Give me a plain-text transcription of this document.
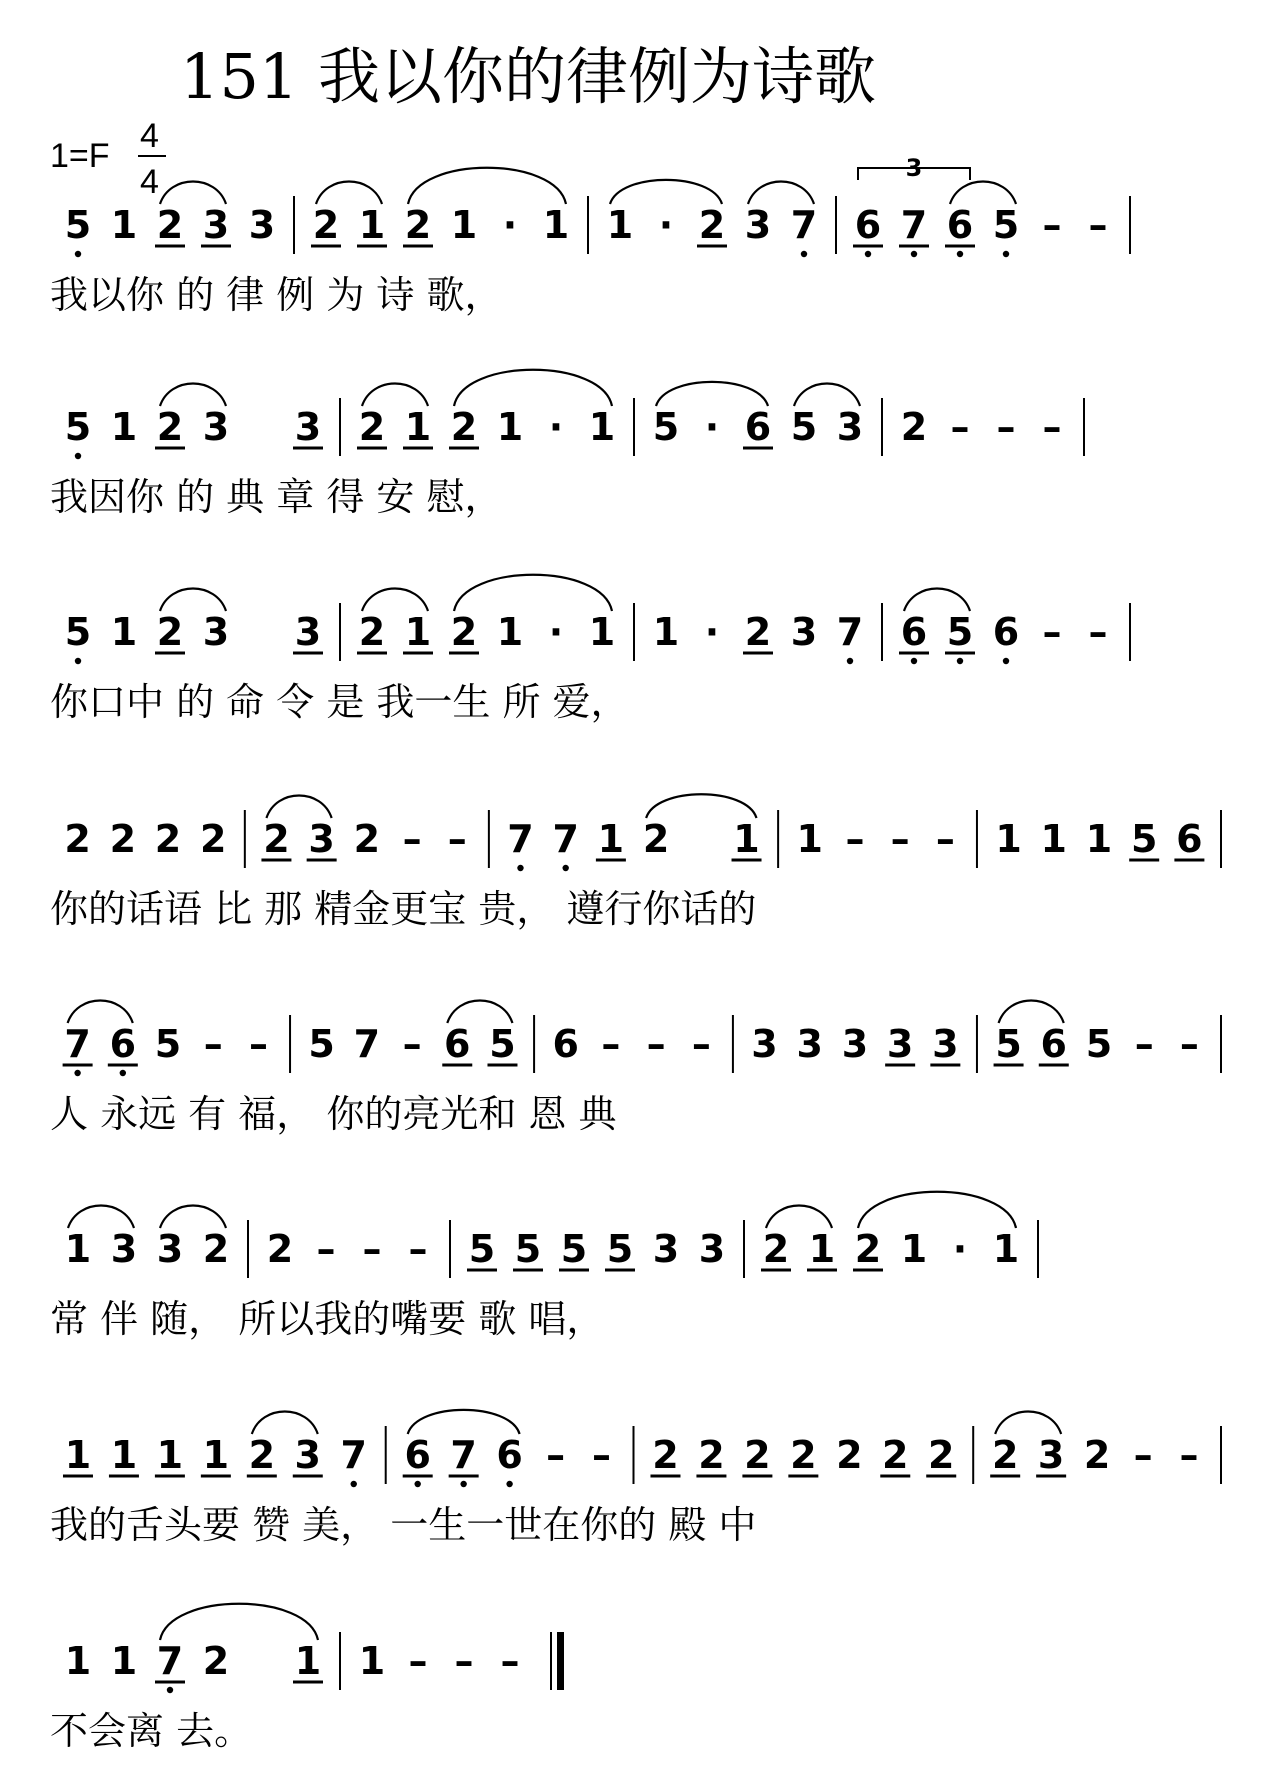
151 我以你的律例为诗歌
1=F
4
4
5 1 2 3 3 2 1 2 1 · 1 1 · 2 3 7 6 7 6
3
5 – –
我以你 的 律 例 为 诗 歌，
5 1 2 3 3 2 1 2 1 · 1 5 · 6 5 3 2 – – –
我因你 的 典 章 得 安 慰，
5 1 2 3 3 2 1 2 1 · 1 1 · 2 3 7 6 5 6 – –
你口中 的 命 令 是 我一生 所 爱，
2 2 2 2 2 3 2 – – 7 7 1 2 1 1 – – – 1 1 1 5 6
你的话语 比 那 精金更宝 贵， 遵行你话的
7 6 5 – – 5 7 – 6 5 6 – – – 3 3 3 3 3 5 6 5 – –
人 永远 有 福， 你的亮光和 恩 典
1 3 3 2 2 – – – 5 5 5 5 3 3 2 1 2 1 · 1
常 伴 随， 所以我的嘴要 歌 唱，
1 1 1 1 2 3 7 6 7 6 – – 2 2 2 2 2 2 2 2 3 2 – –
我的舌头要 赞 美， 一生一世在你的 殿 中
1 1 7 2 1 1 – – –
不会离 去。
